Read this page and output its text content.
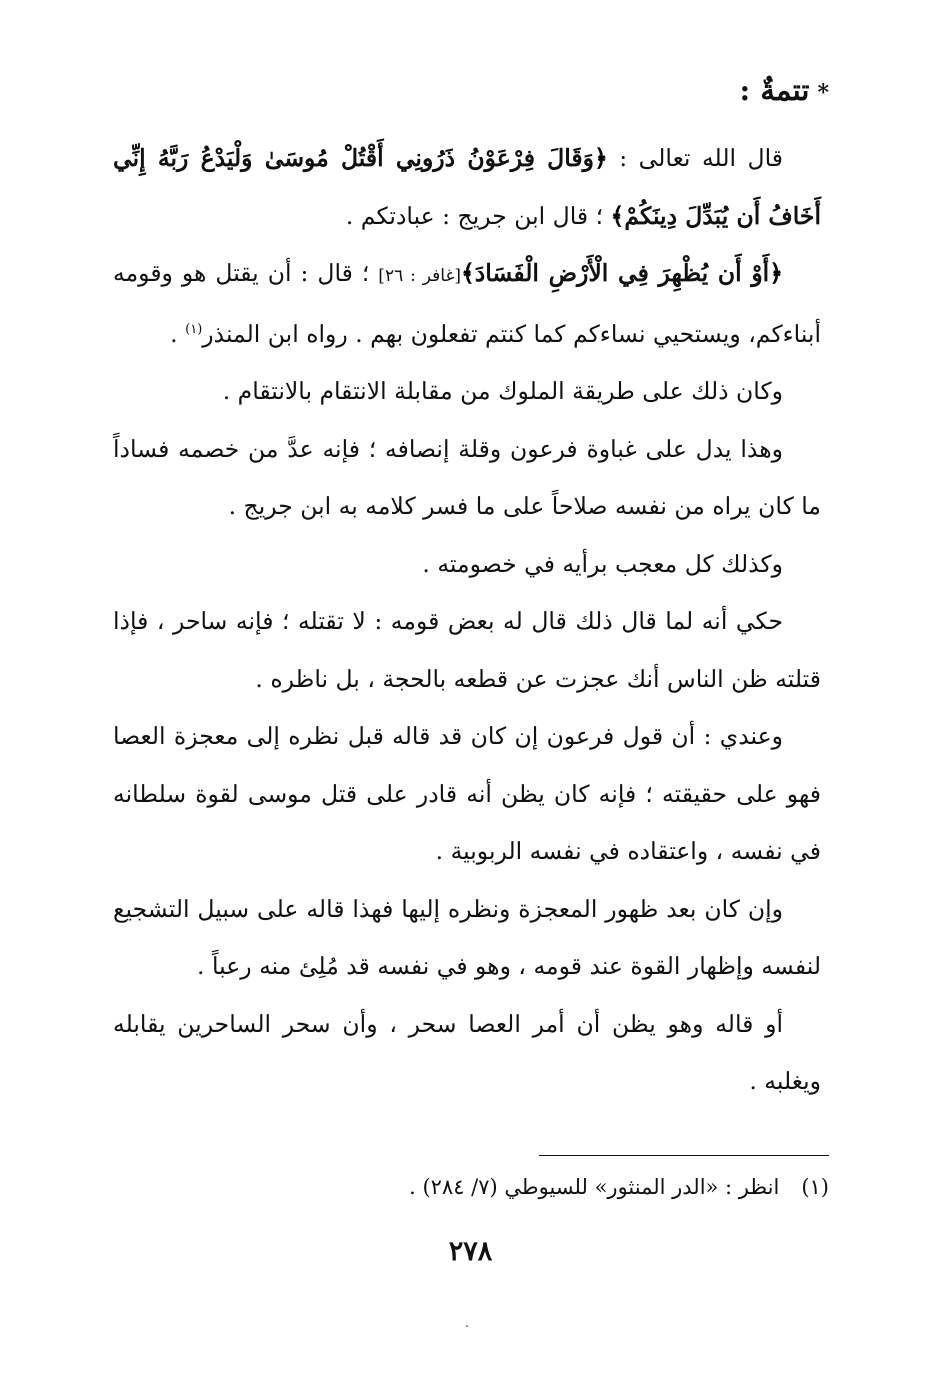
*تتمةٌ :

قال الله تعالى : ﴿وَقَالَ فِرْعَوْنُ ذَرُونِي أَقْتُلْ مُوسَىٰ وَلْيَدْعُ رَبَّهُ إِنِّي أَخَافُ أَن يُبَدِّلَ دِينَكُمْ﴾ ؛ قال ابن جريج : عبادتكم .

﴿أَوْ أَن يُظْهِرَ فِي الْأَرْضِ الْفَسَادَ﴾[غافر : ٢٦] ؛ قال : أن يقتل هو وقومه أبناءكم، ويستحيي نساءكم كما كنتم تفعلون بهم . رواه ابن المنذر$^{(١)}$ .

وكان ذلك على طريقة الملوك من مقابلة الانتقام بالانتقام .

وهذا يدل على غباوة فرعون وقلة إنصافه ؛ فإنه عدَّ من خصمه فساداً ما كان يراه من نفسه صلاحاً على ما فسر كلامه به ابن جريج .

وكذلك كل معجب برأيه في خصومته .

حكي أنه لما قال ذلك قال له بعض قومه : لا تقتله ؛ فإنه ساحر ، فإذا قتلته ظن الناس أنك عجزت عن قطعه بالحجة ، بل ناظره .

وعندي : أن قول فرعون إن كان قد قاله قبل نظره إلى معجزة العصا فهو على حقيقته ؛ فإنه كان يظن أنه قادر على قتل موسى لقوة سلطانه في نفسه ، واعتقاده في نفسه الربوبية .

وإن كان بعد ظهور المعجزة ونظره إليها فهذا قاله على سبيل التشجيع لنفسه وإظهار القوة عند قومه ، وهو في نفسه قد مُلِئ منه رعباً .

أو قاله وهو يظن أن أمر العصا سحر ، وأن سحر الساحرين يقابله ويغلبه .

(١)انظر : «الدر المنثور» للسيوطي (٧/ ٢٨٤) .
٢٧٨
